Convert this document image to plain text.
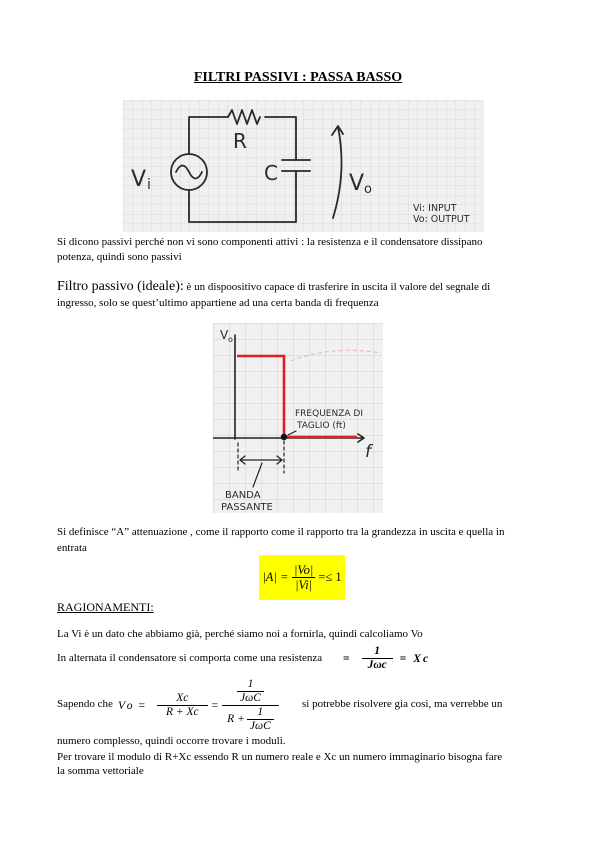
FILTRI PASSIVI : PASSA BASSO
V i
R
C	V o
Vi: INPUT
Vo: OUTPUT
Si dicono passivi perché non vi sono componenti attivi : la resistenza e il condensatore dissipano
potenza, quindi sono passivi
Filtro passivo (ideale): è un dispoositivo capace di trasferire in uscita il valore del segnale di
ingresso, solo se quest’ultimo appartiene ad una certa banda di frequenza
V o
f
FREQUENZA DI
TAGLIO (ft)
BANDA
PASSANTE
Si definisce “A” attenuazione , come il rapporto come il rapporto tra la grandezza in uscita e quella in
entrata
$|A| = \frac{|Vo|}{|Vi|} =\le 1$
RAGIONAMENTI:
La Vi è un dato che abbiamo già, perché siamo noi a fornirla, quindi calcoliamo Vo
In alternata il condensatore si comporta come una resistenza = $\frac{1}{\text{Jωc}} = Xc$
Sapendo che $Vo = \frac{Xc}{R + Xc} = \frac{\frac{1}{\text{JωC}}}{R + \frac{1}{\text{JωC}}}$ si potrebbe risolvere gia cosi, ma verrebbe un
numero complesso, quindi occorre trovare i moduli.
Per trovare il modulo di R+Xc essendo R un numero reale e Xc un numero immaginario bisogna fare
la somma vettoriale
